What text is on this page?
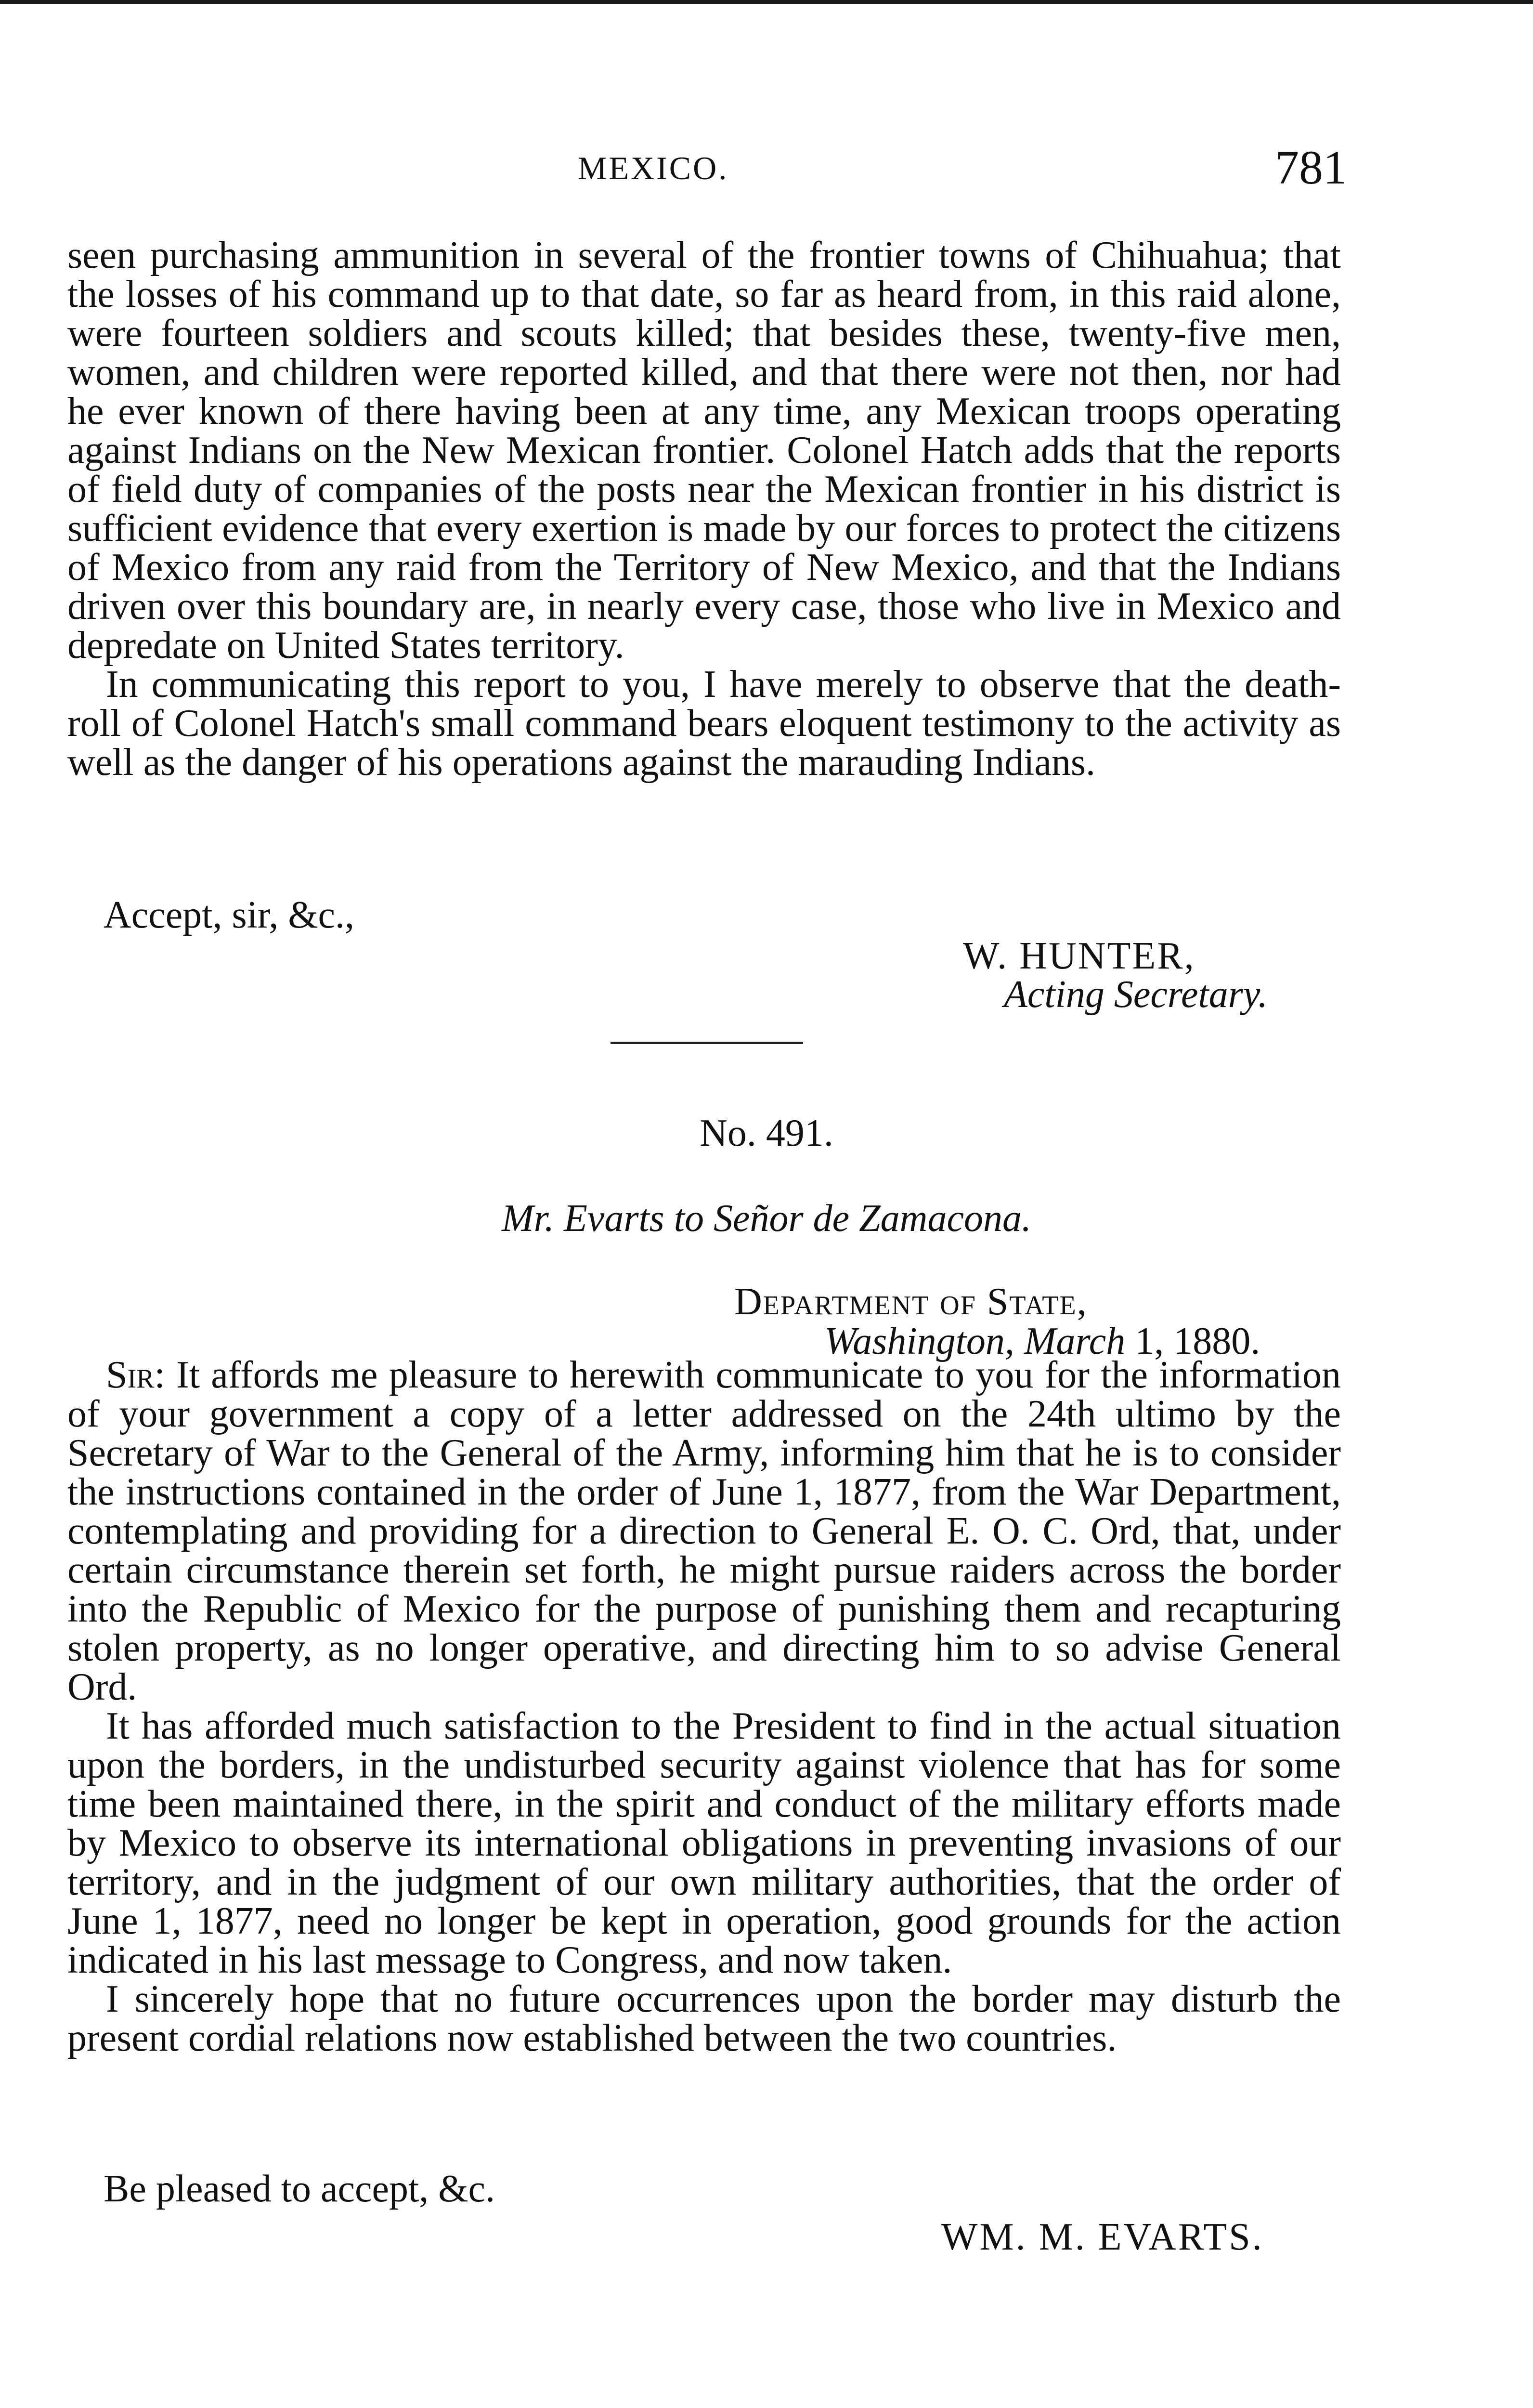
MEXICO.	781

seen purchasing ammunition in several of the frontier towns of Chihuahua; that the losses of his command up to that date, so far as heard from, in this raid alone, were fourteen soldiers and scouts killed; that besides these, twenty-five men, women, and children were reported killed, and that there were not then, nor had he ever known of there having been at any time, any Mexican troops operating against Indians on the New Mexican frontier. Colonel Hatch adds that the reports of field duty of companies of the posts near the Mexican frontier in his district is sufficient evidence that every exertion is made by our forces to protect the citizens of Mexico from any raid from the Territory of New Mexico, and that the Indians driven over this boundary are, in nearly every case, those who live in Mexico and depredate on United States territory.

In communicating this report to you, I have merely to observe that the death-roll of Colonel Hatch's small command bears eloquent testimony to the activity as well as the danger of his operations against the marauding Indians.

Accept, sir, &c.,
W. HUNTER,
Acting Secretary.
No. 491.
Mr. Evarts to Señor de Zamacona.
Department of State,
Washington, March 1, 1880.

Sir: It affords me pleasure to herewith communicate to you for the information of your government a copy of a letter addressed on the 24th ultimo by the Secretary of War to the General of the Army, informing him that he is to consider the instructions contained in the order of June 1, 1877, from the War Department, contemplating and providing for a direction to General E. O. C. Ord, that, under certain circumstance therein set forth, he might pursue raiders across the border into the Republic of Mexico for the purpose of punishing them and recapturing stolen property, as no longer operative, and directing him to so advise General Ord.

It has afforded much satisfaction to the President to find in the actual situation upon the borders, in the undisturbed security against violence that has for some time been maintained there, in the spirit and conduct of the military efforts made by Mexico to observe its international obligations in preventing invasions of our territory, and in the judgment of our own military authorities, that the order of June 1, 1877, need no longer be kept in operation, good grounds for the action indicated in his last message to Congress, and now taken.

I sincerely hope that no future occurrences upon the border may disturb the present cordial relations now established between the two countries.

Be pleased to accept, &c.
WM. M. EVARTS.
